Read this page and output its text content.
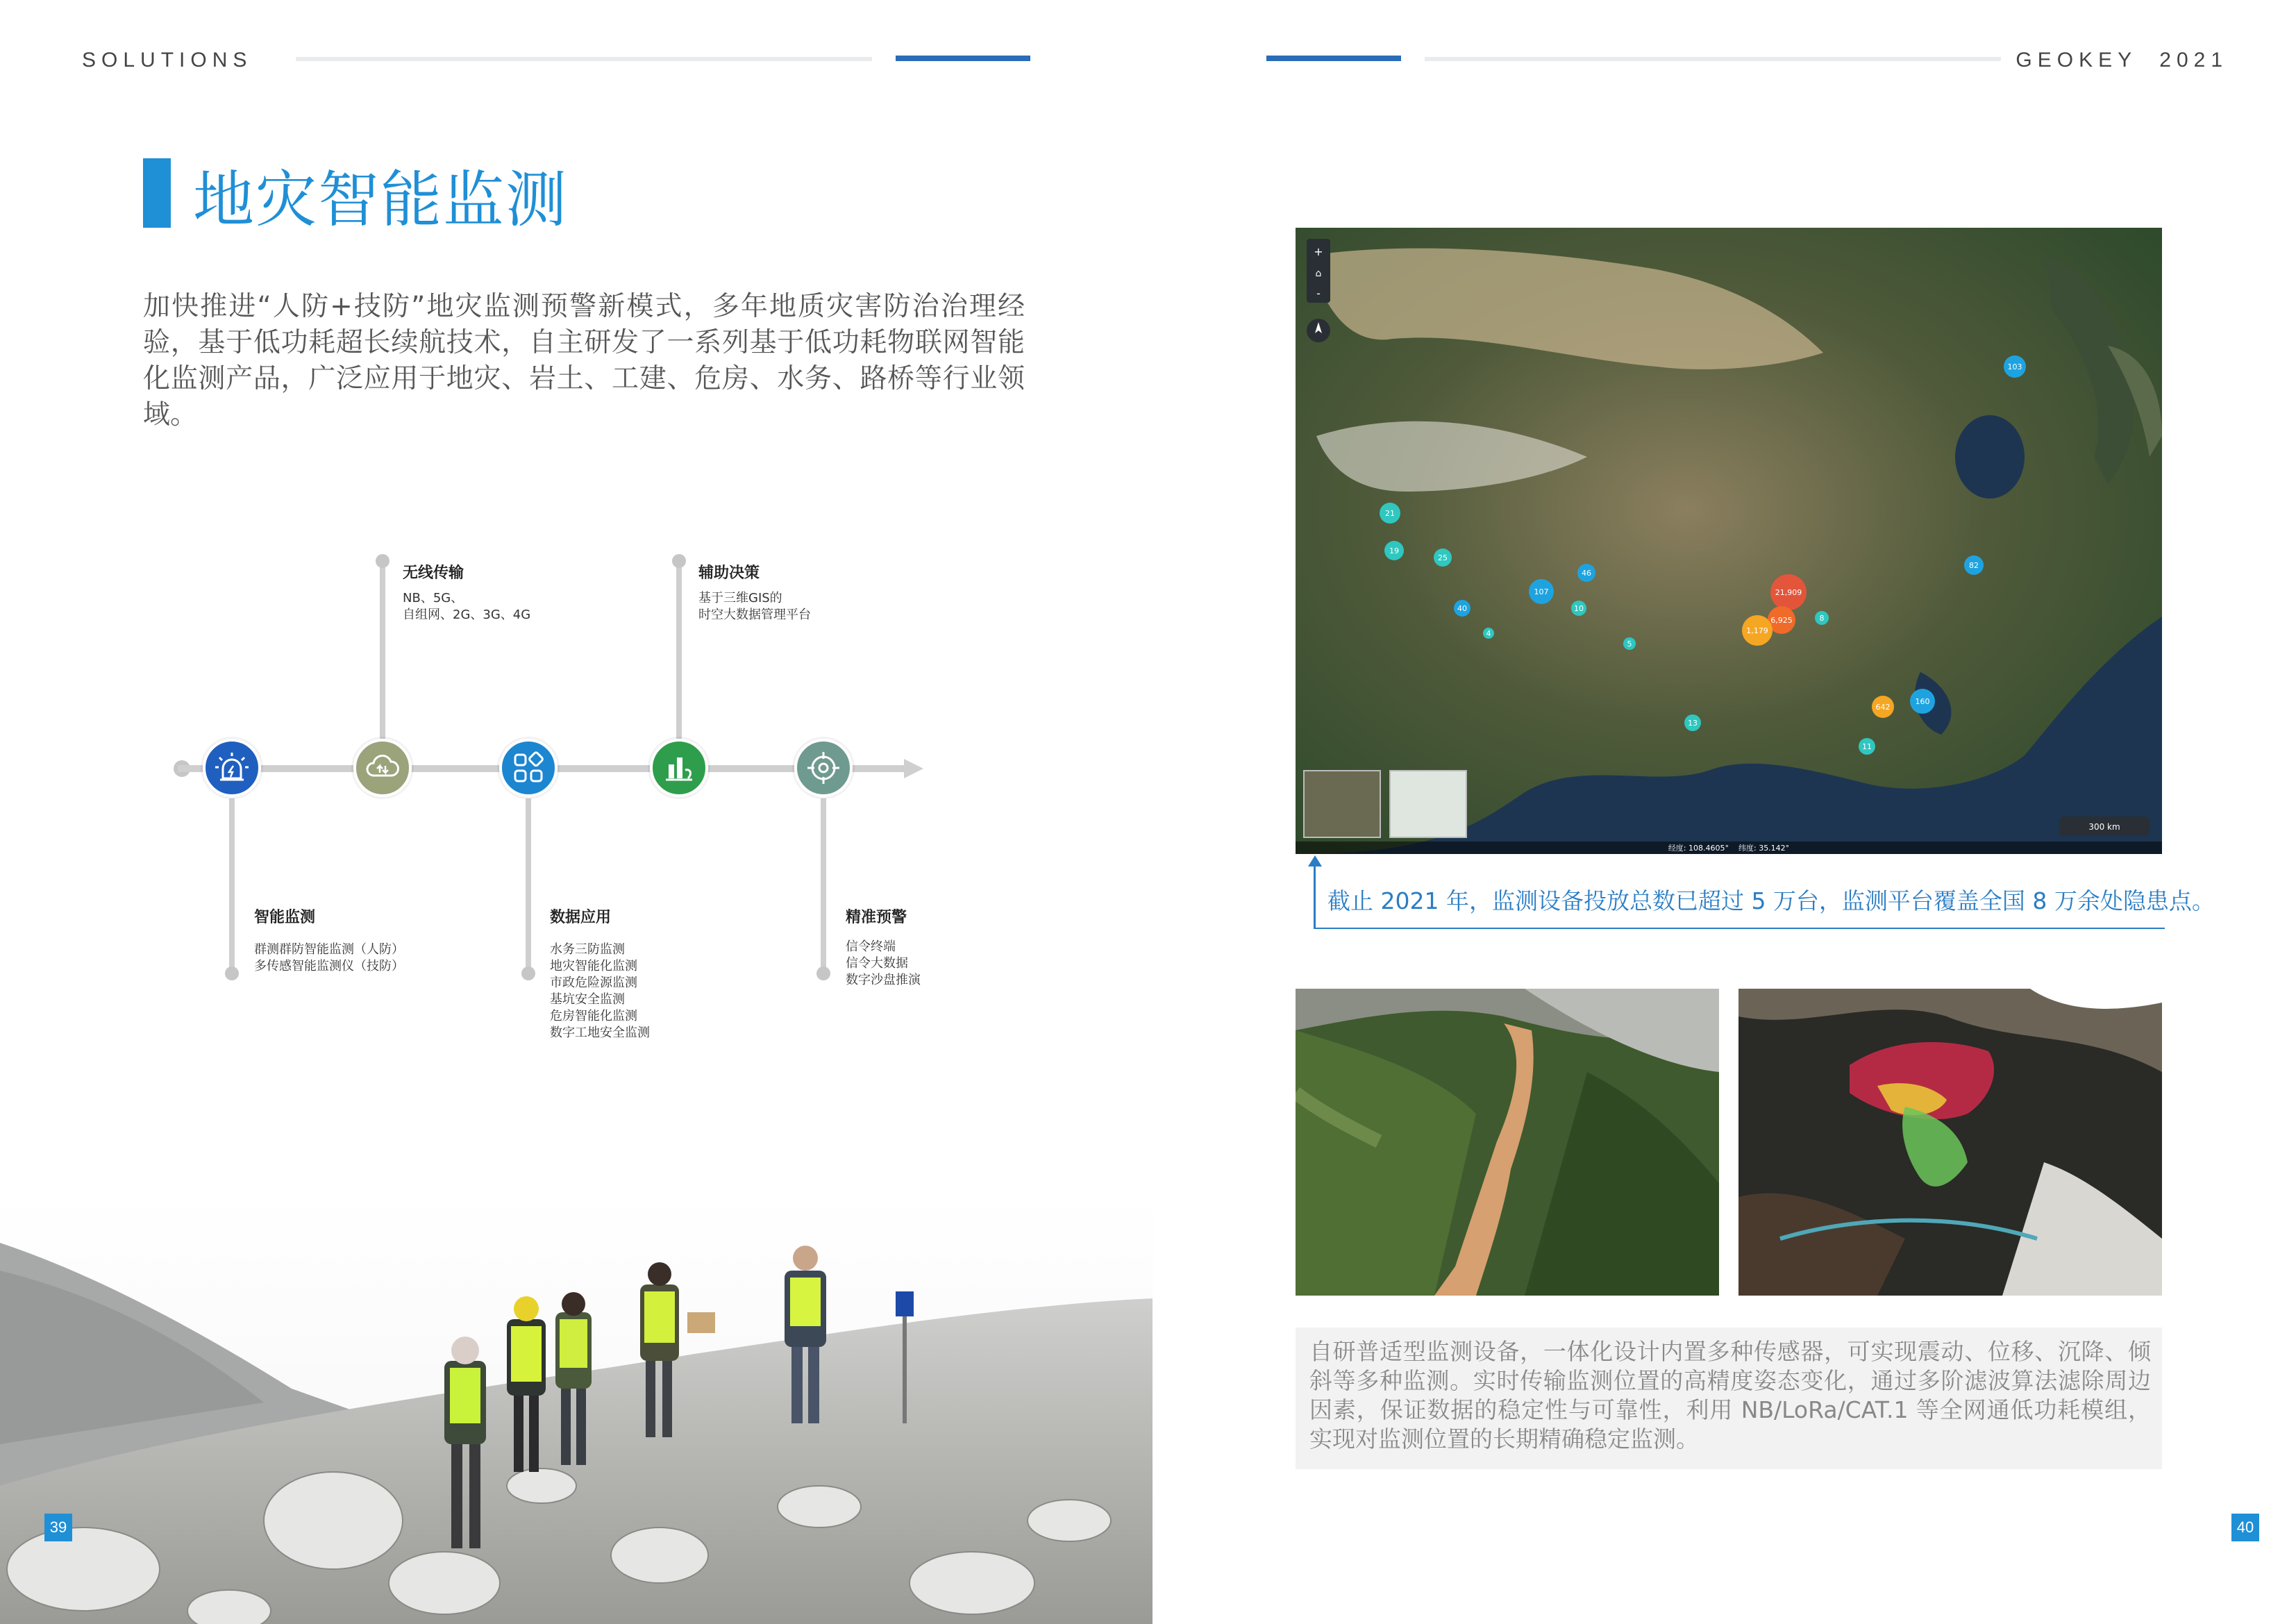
SOLUTIONS	GEOKEY  2021
地灾智能监测
加快推进“人防+技防”地灾监测预警新模式，多年地质灾害防治治理经验，基于低功耗超长续航技术，自主研发了一系列基于低功耗物联网智能化监测产品，广泛应用于地灾、岩土、工建、危房、水务、路桥等行业领域。
智能监测
群测群防智能监测（人防）
多传感智能监测仪（技防）
无线传输
NB、5G、
自组网、2G、3G、4G
数据应用
水务三防监测
地灾智能化监测
市政危险源监测
基坑安全监测
危房智能化监测
数字工地安全监测
辅助决策
基于三维GIS的
时空大数据管理平台
精准预警
信令终端
信令大数据
数字沙盘推演
39
21,909
6,925
1,179
642
160
103
107
82
46
40
21
19
25
11
13
10
4
5
8
+
⌂
-
300 km
经度: 108.4605°    纬度: 35.142°
截止 2021 年，监测设备投放总数已超过 5 万台，监测平台覆盖全国 8 万余处隐患点。
自研普适型监测设备，一体化设计内置多种传感器，可实现震动、位移、沉降、倾斜等多种监测。实时传输监测位置的高精度姿态变化，通过多阶滤波算法滤除周边因素，保证数据的稳定性与可靠性，利用 NB/LoRa/CAT.1 等全网通低功耗模组，实现对监测位置的长期精确稳定监测。
40
